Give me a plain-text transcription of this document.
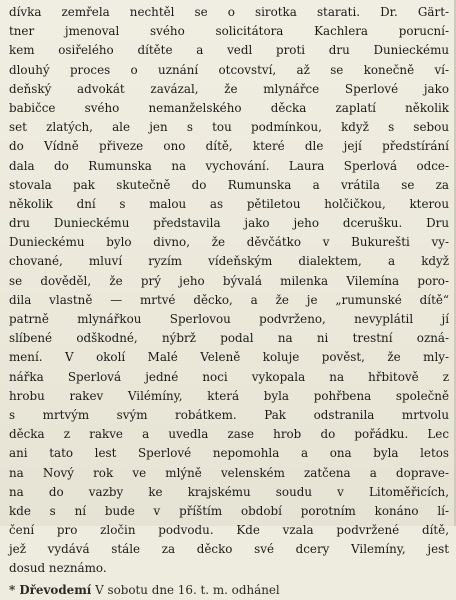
dívka zemřela nechtěl se o sirotka starati. Dr. Gärt-
tner jmenoval svého solicitátora Kachlera porucní-
kem osiřelého dítěte a vedl proti dru Dunieckému
dlouhý proces o uznání otcovství, až se konečně ví-
deňský advokát zavázal, že mlynářce Sperlové jako
babičce svého nemanželského děcka zaplatí několik
set zlatých, ale jen s tou podmínkou, když s sebou
do Vídně přiveze ono dítě, které dle její předstírání
dala do Rumunska na vychování. Laura Sperlová odce-
stovala pak skutečně do Rumunska a vrátila se za
několik dní s malou as pětiletou holčičkou, kterou
dru Dunieckému představila jako jeho dcerušku. Dru
Dunieckému bylo divno, že děvčátko v Bukurešti vy-
chované, mluví ryzím vídeňským dialektem, a když
se dověděl, že prý jeho bývalá milenka Vilemína poro-
dila vlastně — mrtvé děcko, a že je „rumunské dítě“
patrně mlynářkou Sperlovou podvrženo, nevyplátil jí
slíbené odškodné, nýbrž podal na ni trestní ozná-
mení. V okolí Malé Veleně koluje pověst, že mly-
nářka Sperlová jedné noci vykopala na hřbitově z
hrobu rakev Vilémíny, která byla pohřbena společně
s mrtvým svým robátkem. Pak odstranila mrtvolu
děcka z rakve a uvedla zase hrob do pořádku. Lec
ani tato lest Sperlové nepomohla a ona byla letos
na Nový rok ve mlýně velenském zatčena a doprave-
na do vazby ke krajskému soudu v Litoměřicích,
kde s ní bude v příštím období porotním konáno lí-
čení pro zločin podvodu. Kde vzala podvržené dítě,
jež vydává stále za děcko své dcery Vilemíny, jest
dosud neznámo.
* Dřevodemí V sobotu dne 16. t. m. odhánel
